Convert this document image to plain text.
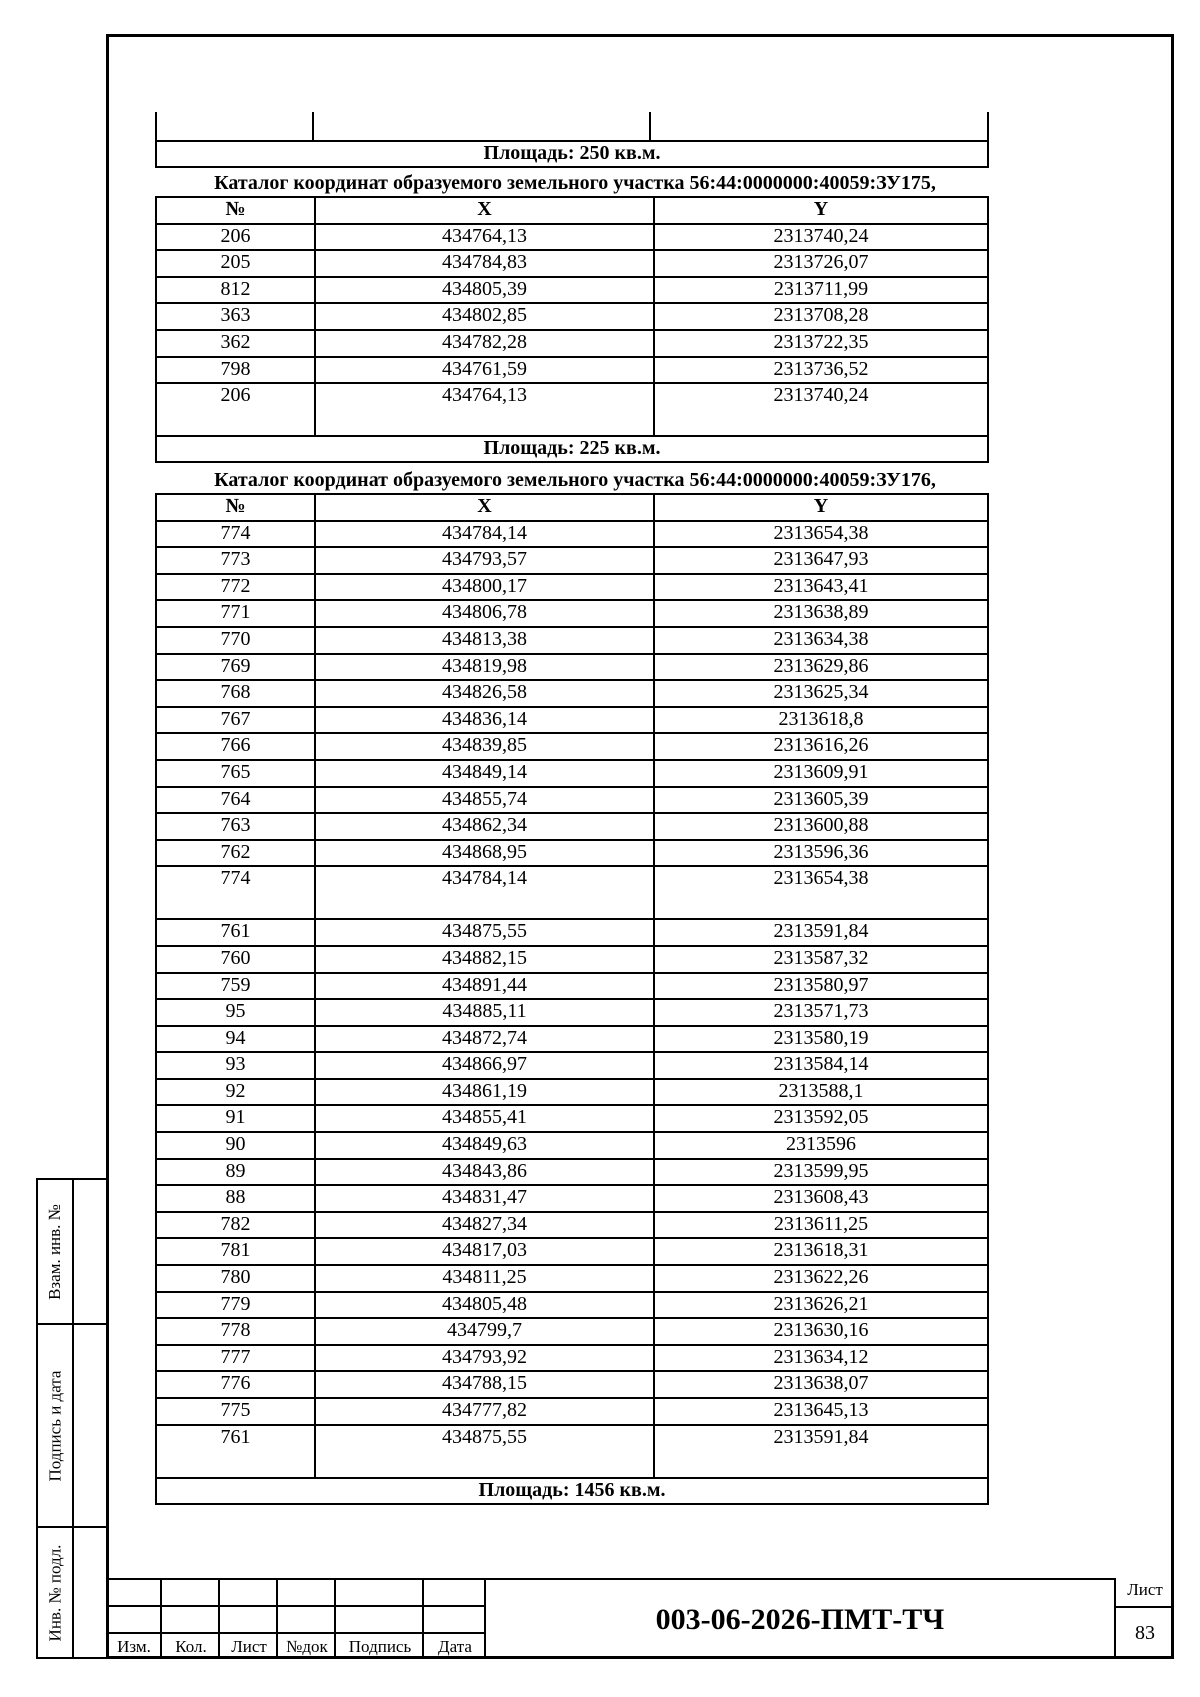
Взам. инв. №
Подпись и дата
Инв. № подл.
Площадь: 250 кв.м.
Каталог координат образуемого земельного участка 56:44:0000000:40059:ЗУ175,
№	X	Y
206	434764,13	2313740,24
205	434784,83	2313726,07
812	434805,39	2313711,99
363	434802,85	2313708,28
362	434782,28	2313722,35
798	434761,59	2313736,52
206	434764,13	2313740,24
Площадь: 225 кв.м.		
Каталог координат образуемого земельного участка 56:44:0000000:40059:ЗУ176,
№	X	Y
774	434784,14	2313654,38
773	434793,57	2313647,93
772	434800,17	2313643,41
771	434806,78	2313638,89
770	434813,38	2313634,38
769	434819,98	2313629,86
768	434826,58	2313625,34
767	434836,14	2313618,8
766	434839,85	2313616,26
765	434849,14	2313609,91
764	434855,74	2313605,39
763	434862,34	2313600,88
762	434868,95	2313596,36
774	434784,14	2313654,38
761	434875,55	2313591,84
760	434882,15	2313587,32
759	434891,44	2313580,97
95	434885,11	2313571,73
94	434872,74	2313580,19
93	434866,97	2313584,14
92	434861,19	2313588,1
91	434855,41	2313592,05
90	434849,63	2313596
89	434843,86	2313599,95
88	434831,47	2313608,43
782	434827,34	2313611,25
781	434817,03	2313618,31
780	434811,25	2313622,26
779	434805,48	2313626,21
778	434799,7	2313630,16
777	434793,92	2313634,12
776	434788,15	2313638,07
775	434777,82	2313645,13
761	434875,55	2313591,84
Площадь: 1456 кв.м.		
Изм.	Кол.	Лист	№док	Подпись	Дата
003-06-2026-ПМТ-ТЧ
Лист
83
